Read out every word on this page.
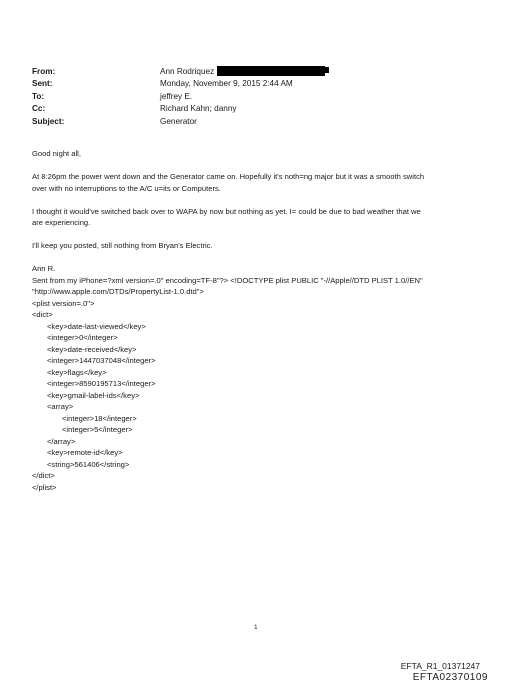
From:	Ann Rodriquez
Sent:	Monday, November 9, 2015 2:44 AM
To:	jeffrey E.
Cc:	Richard Kahn; danny
Subject:	Generator
Good night all,
At 8:26pm the power went down and the Generator came on. Hopefully it's noth=ng major but it was a smooth switch
over with no interruptions to the A/C u=its or Computers.
I thought it would've switched back over to WAPA by now but nothing as yet. I= could be due to bad weather that we
are experiencing.
I'll keep you posted, still nothing from Bryan's Electric.
Ann R.
Sent from my iPhone=?xml version=.0" encoding=TF-8"?> <!DOCTYPE plist PUBLIC "-//Apple//DTD PLIST 1.0//EN"
"http://www.apple.com/DTDs/PropertyList-1.0.dtd">
<plist version=.0">
<dict>
<key>date-last-viewed</key>
<integer>0</integer>
<key>date-received</key>
<integer>1447037048</integer>
<key>flags</key>
<integer>8590195713</integer>
<key>gmail-label-ids</key>
<array>
<integer>18</integer>
<integer>5</integer>
</array>
<key>remote-id</key>
<string>561406</string>
</dict>
</plist>
1
EFTA_R1_01371247
EFTA02370109
